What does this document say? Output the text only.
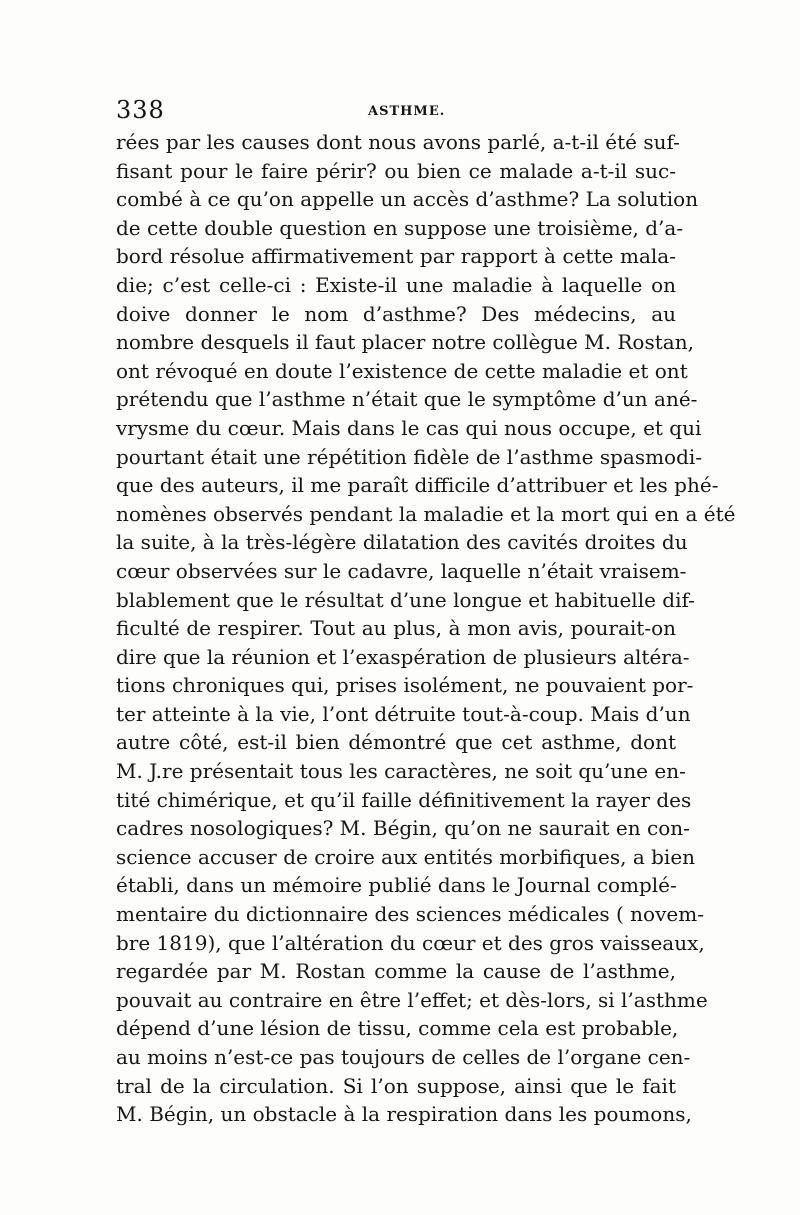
338	ASTHME.
rées par les causes dont nous avons parlé, a-t-il été suf-
fisant pour le faire périr? ou bien ce malade a-t-il suc-
combé à ce qu’on appelle un accès d’asthme? La solution
de cette double question en suppose une troisième, d’a-
bord résolue affirmativement par rapport à cette mala-
die; c’est celle-ci : Existe-il une maladie à laquelle on
doive donner le nom d’asthme? Des médecins, au
nombre desquels il faut placer notre collègue M. Rostan,
ont révoqué en doute l’existence de cette maladie et ont
prétendu que l’asthme n’était que le symptôme d’un ané-
vrysme du cœur. Mais dans le cas qui nous occupe, et qui
pourtant était une répétition fidèle de l’asthme spasmodi-
que des auteurs, il me paraît difficile d’attribuer et les phé-
nomènes observés pendant la maladie et la mort qui en a été
la suite, à la très-légère dilatation des cavités droites du
cœur observées sur le cadavre, laquelle n’était vraisem-
blablement que le résultat d’une longue et habituelle dif-
ficulté de respirer. Tout au plus, à mon avis, pourait-on
dire que la réunion et l’exaspération de plusieurs altéra-
tions chroniques qui, prises isolément, ne pouvaient por-
ter atteinte à la vie, l’ont détruite tout-à-coup. Mais d’un
autre côté, est-il bien démontré que cet asthme, dont
M. J.re présentait tous les caractères, ne soit qu’une en-
tité chimérique, et qu’il faille définitivement la rayer des
cadres nosologiques? M. Bégin, qu’on ne saurait en con-
science accuser de croire aux entités morbifiques, a bien
établi, dans un mémoire publié dans le Journal complé-
mentaire du dictionnaire des sciences médicales ( novem-
bre 1819), que l’altération du cœur et des gros vaisseaux,
regardée par M. Rostan comme la cause de l’asthme,
pouvait au contraire en être l’effet; et dès-lors, si l’asthme
dépend d’une lésion de tissu, comme cela est probable,
au moins n’est-ce pas toujours de celles de l’organe cen-
tral de la circulation. Si l’on suppose, ainsi que le fait
M. Bégin, un obstacle à la respiration dans les poumons,
